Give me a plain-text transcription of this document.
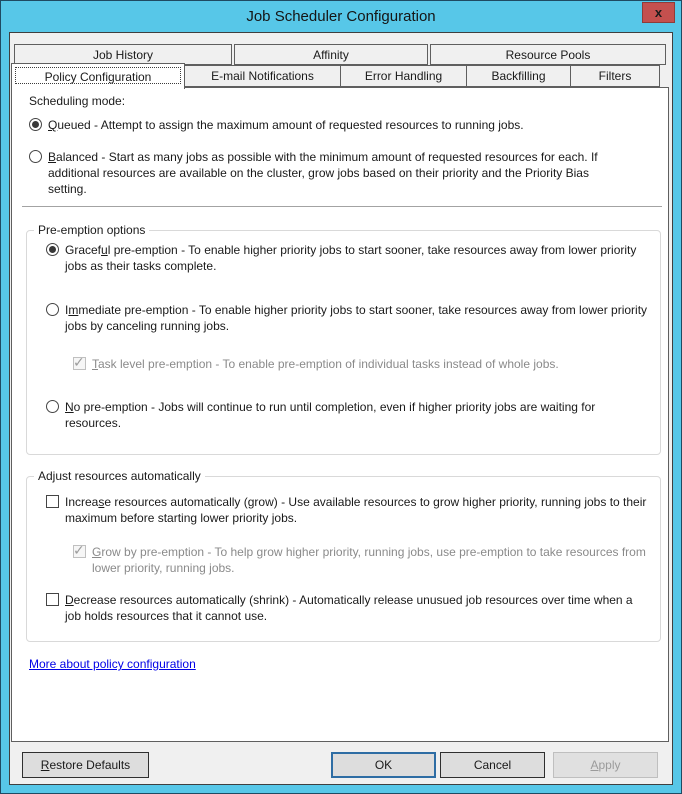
Job Scheduler Configuration	x
Job History	Affinity	Resource Pools
Policy Configuration	E-mail Notifications	Error Handling	Backfilling	Filters
Scheduling mode:
Queued - Attempt to assign the maximum amount of requested resources to running jobs.
Balanced - Start as many jobs as possible with the minimum amount of requested resources for each. If additional resources are available on the cluster, grow jobs based on their priority and the Priority Bias setting.
Pre-emption options
Graceful pre-emption - To enable higher priority jobs to start sooner, take resources away from lower priority jobs as their tasks complete.
Immediate pre-emption - To enable higher priority jobs to start sooner, take resources away from lower priority jobs by canceling running jobs.
✓ Task level pre-emption - To enable pre-emption of individual tasks instead of whole jobs.
No pre-emption - Jobs will continue to run until completion, even if higher priority jobs are waiting for resources.
Adjust resources automatically
Increase resources automatically (grow) - Use available resources to grow higher priority, running jobs to their maximum before starting lower priority jobs.
✓ Grow by pre-emption - To help grow higher priority, running jobs, use pre-emption to take resources from lower priority, running jobs.
Decrease resources automatically (shrink) - Automatically release unusued job resources over time when a job holds resources that it cannot use.
More about policy configuration
R estore Defaults	OK	Cancel	A pply
